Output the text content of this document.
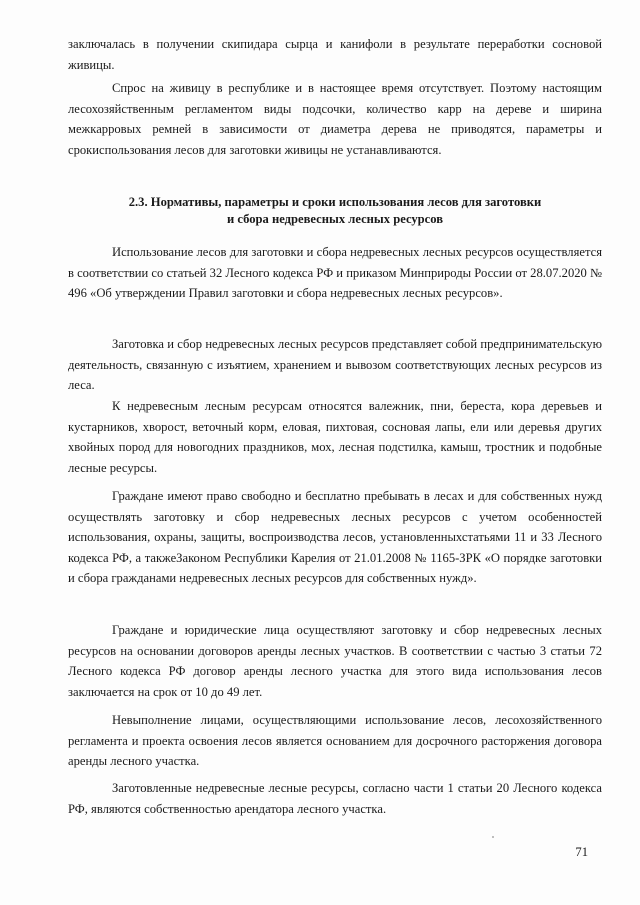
заключалась в получении скипидара сырца и канифоли в результате переработки сосновой живицы.

Спрос на живицу в республике и в настоящее время отсутствует. Поэтому настоящим лесохозяйственным регламентом виды подсочки, количество карр на дереве и ширина межкарровых ремней в зависимости от диаметра дерева не приводятся, параметры и срокиспользования лесов для заготовки живицы не устанавливаются.

2.3. Нормативы, параметры и сроки использования лесов для заготовки
и сбора недревесных лесных ресурсов

Использование лесов для заготовки и сбора недревесных лесных ресурсов осуществляется в соответствии со статьей 32 Лесного кодекса РФ и приказом Минприроды России от 28.07.2020 № 496 «Об утверждении Правил заготовки и сбора недревесных лесных ресурсов».

Заготовка и сбор недревесных лесных ресурсов представляет собой предпринимательскую деятельность, связанную с изъятием, хранением и вывозом соответствующих лесных ресурсов из леса.

К недревесным лесным ресурсам относятся валежник, пни, береста, кора деревьев и кустарников, хворост, веточный корм, еловая, пихтовая, сосновая лапы, ели или деревья других хвойных пород для новогодних праздников, мох, лесная подстилка, камыш, тростник и подобные лесные ресурсы.

Граждане имеют право свободно и бесплатно пребывать в лесах и для собственных нужд осуществлять заготовку и сбор недревесных лесных ресурсов с учетом особенностей использования, охраны, защиты, воспроизводства лесов, установленныхстатьями 11 и 33 Лесного кодекса РФ, а такжеЗаконом Республики Карелия от 21.01.2008 № 1165-ЗРК «О порядке заготовки и сбора гражданами недревесных лесных ресурсов для собственных нужд».

Граждане и юридические лица осуществляют заготовку и сбор недревесных лесных ресурсов на основании договоров аренды лесных участков. В соответствии с частью 3 статьи 72 Лесного кодекса РФ договор аренды лесного участка для этого вида использования лесов заключается на срок от 10 до 49 лет.

Невыполнение лицами, осуществляющими использование лесов, лесохозяйственного регламента и проекта освоения лесов является основанием для досрочного расторжения договора аренды лесного участка.

Заготовленные недревесные лесные ресурсы, согласно части 1 статьи 20 Лесного кодекса РФ, являются собственностью арендатора лесного участка.

71
